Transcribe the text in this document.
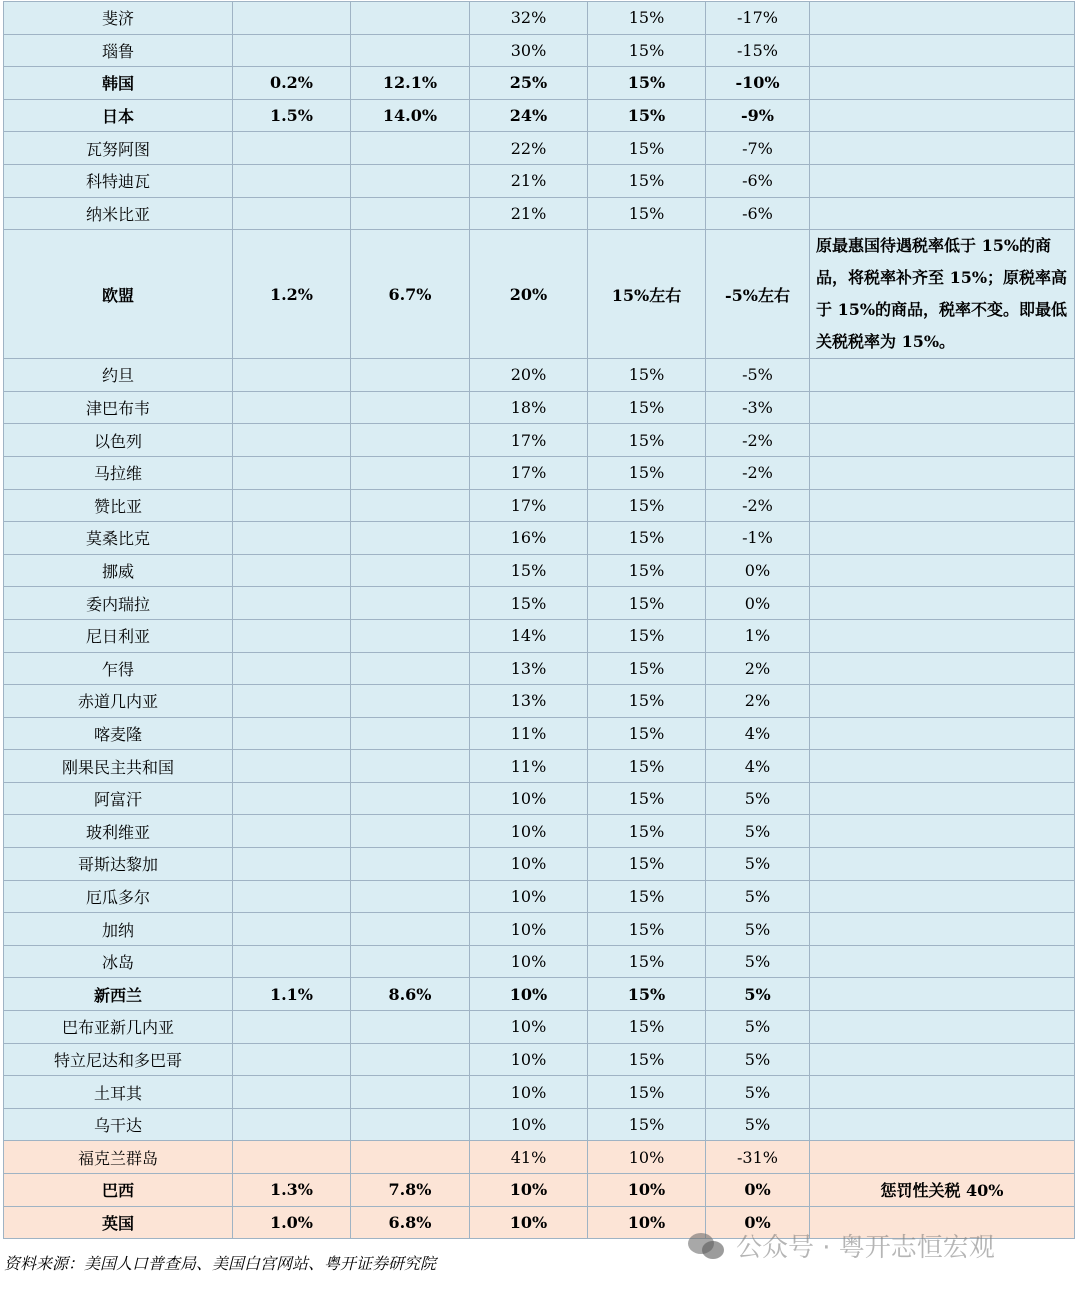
斐济			32%	15%	-17%	
瑙鲁			30%	15%	-15%	
韩国	0.2%	12.1%	25%	15%	-10%	
日本	1.5%	14.0%	24%	15%	-9%	
瓦努阿图			22%	15%	-7%	
科特迪瓦			21%	15%	-6%	
纳米比亚			21%	15%	-6%	
欧盟	1.2%	6.7%	20%	15%左右	-5%左右	原最惠国待遇税率低于 15%的商品，将税率补齐至 15%；原税率高于 15%的商品，税率不变。即最低关税税率为 15%。
约旦			20%	15%	-5%	
津巴布韦			18%	15%	-3%	
以色列			17%	15%	-2%	
马拉维			17%	15%	-2%	
赞比亚			17%	15%	-2%	
莫桑比克			16%	15%	-1%	
挪威			15%	15%	0%	
委内瑞拉			15%	15%	0%	
尼日利亚			14%	15%	1%	
乍得			13%	15%	2%	
赤道几内亚			13%	15%	2%	
喀麦隆			11%	15%	4%	
刚果民主共和国			11%	15%	4%	
阿富汗			10%	15%	5%	
玻利维亚			10%	15%	5%	
哥斯达黎加			10%	15%	5%	
厄瓜多尔			10%	15%	5%	
加纳			10%	15%	5%	
冰岛			10%	15%	5%	
新西兰	1.1%	8.6%	10%	15%	5%	
巴布亚新几内亚			10%	15%	5%	
特立尼达和多巴哥			10%	15%	5%	
土耳其			10%	15%	5%	
乌干达			10%	15%	5%	
福克兰群岛			41%	10%	-31%	
巴西	1.3%	7.8%	10%	10%	0%	惩罚性关税 40%
英国	1.0%	6.8%	10%	10%	0%	
资料来源：美国人口普查局、美国白宫网站、粤开证券研究院
公众号 · 粤开志恒宏观
